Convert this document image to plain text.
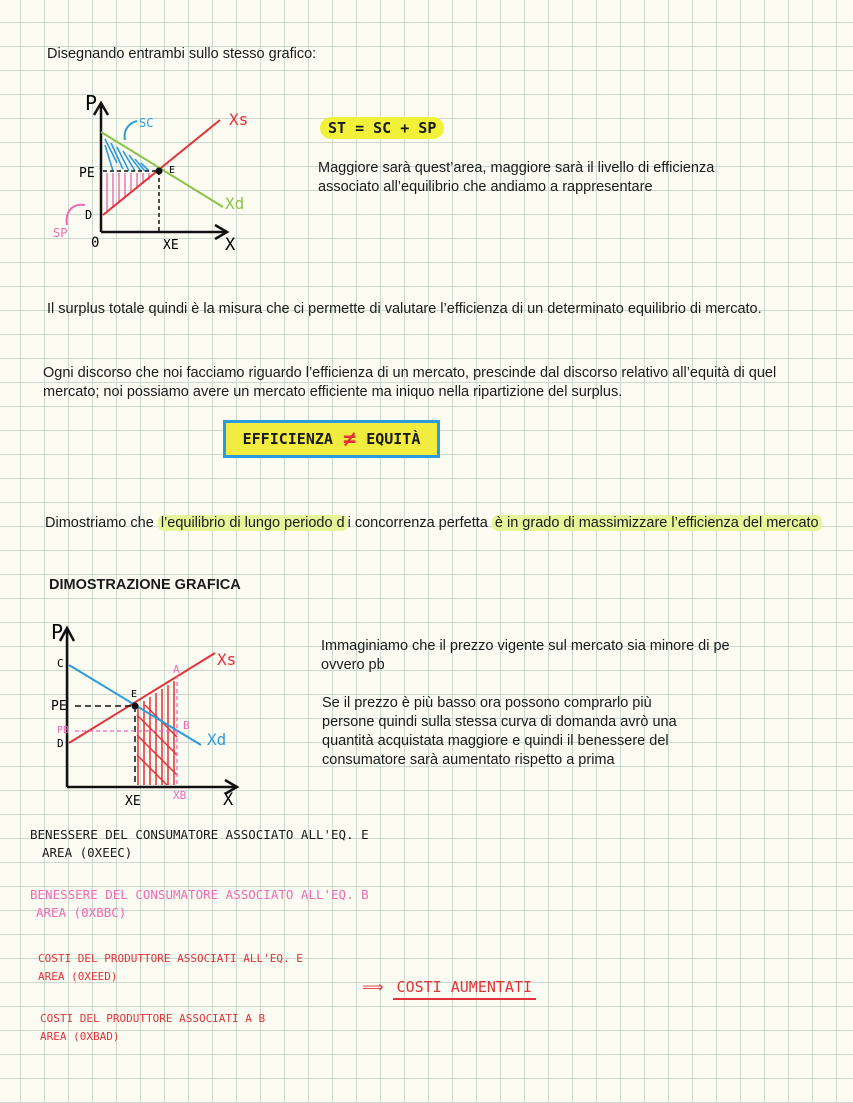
Disegnando entrambi sullo stesso grafico:
P
SC	Xs
PE	E
Xd
D
SP
0	XE	X
ST = SC + SP
Maggiore sarà quest’area, maggiore sarà il livello di efficienza associato all’equilibrio che andiamo a rappresentare
Il surplus totale quindi è la misura che ci permette di valutare l’efficienza di un determinato equilibrio di mercato.
Ogni discorso che noi facciamo riguardo l’efficienza di un mercato, prescinde dal discorso relativo all’equità di quel mercato; noi possiamo avere un mercato efficiente ma iniquo nella ripartizione del surplus.
EFFICIENZA ≠ EQUITÀ
Dimostriamo che l’equilibrio di lungo periodo d i concorrenza perfetta è in grado di massimizzare l’efficienza del mercato
DIMOSTRAZIONE GRAFICA
P
C	Xs
A
E
PE
B
PB	Xd
D
XE	XB X
Immaginiamo che il prezzo vigente sul mercato sia minore di pe ovvero pb
Se il prezzo è più basso ora possono comprarlo più persone quindi sulla stessa curva di domanda avrò una quantità acquistata maggiore e quindi il benessere del consumatore sarà aumentato rispetto a prima
BENESSERE DEL CONSUMATORE ASSOCIATO ALL'EQ. E
AREA (0XEEC)
BENESSERE DEL CONSUMATORE ASSOCIATO ALL'EQ. B
AREA (0XBBC)
COSTI DEL PRODUTTORE ASSOCIATI ALL'EQ. E
AREA (0XEED)
COSTI DEL PRODUTTORE ASSOCIATI A B
AREA (0XBAD)
⟹ COSTI AUMENTATI
